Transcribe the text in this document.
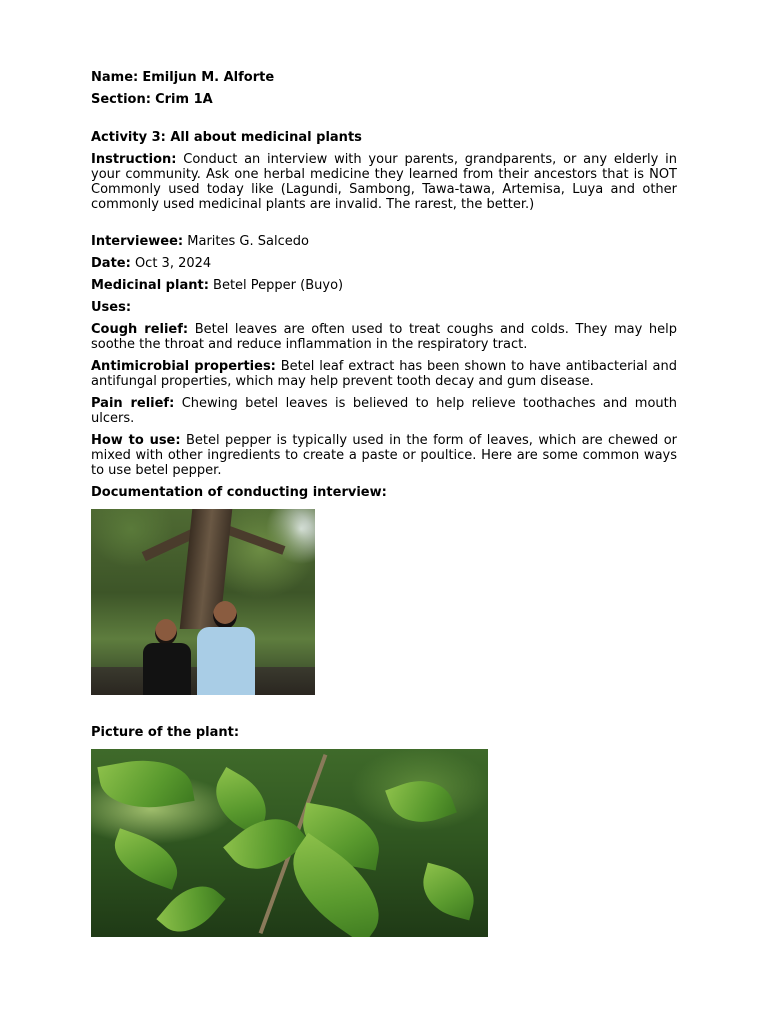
Name: Emiljun M. Alforte

Section: Crim 1A

Activity 3: All about medicinal plants

Instruction: Conduct an interview with your parents, grandparents, or any elderly in your community. Ask one herbal medicine they learned from their ancestors that is NOT Commonly used today like (Lagundi, Sambong, Tawa-tawa, Artemisa, Luya and other commonly used medicinal plants are invalid. The rarest, the better.)

Interviewee: Marites G. Salcedo

Date: Oct 3, 2024

Medicinal plant: Betel Pepper (Buyo)

Uses:

Cough relief: Betel leaves are often used to treat coughs and colds. They may help soothe the throat and reduce inflammation in the respiratory tract.

Antimicrobial properties: Betel leaf extract has been shown to have antibacterial and antifungal properties, which may help prevent tooth decay and gum disease.

Pain relief: Chewing betel leaves is believed to help relieve toothaches and mouth ulcers.

How to use: Betel pepper is typically used in the form of leaves, which are chewed or mixed with other ingredients to create a paste or poultice. Here are some common ways to use betel pepper.

Documentation of conducting interview:

Picture of the plant:
